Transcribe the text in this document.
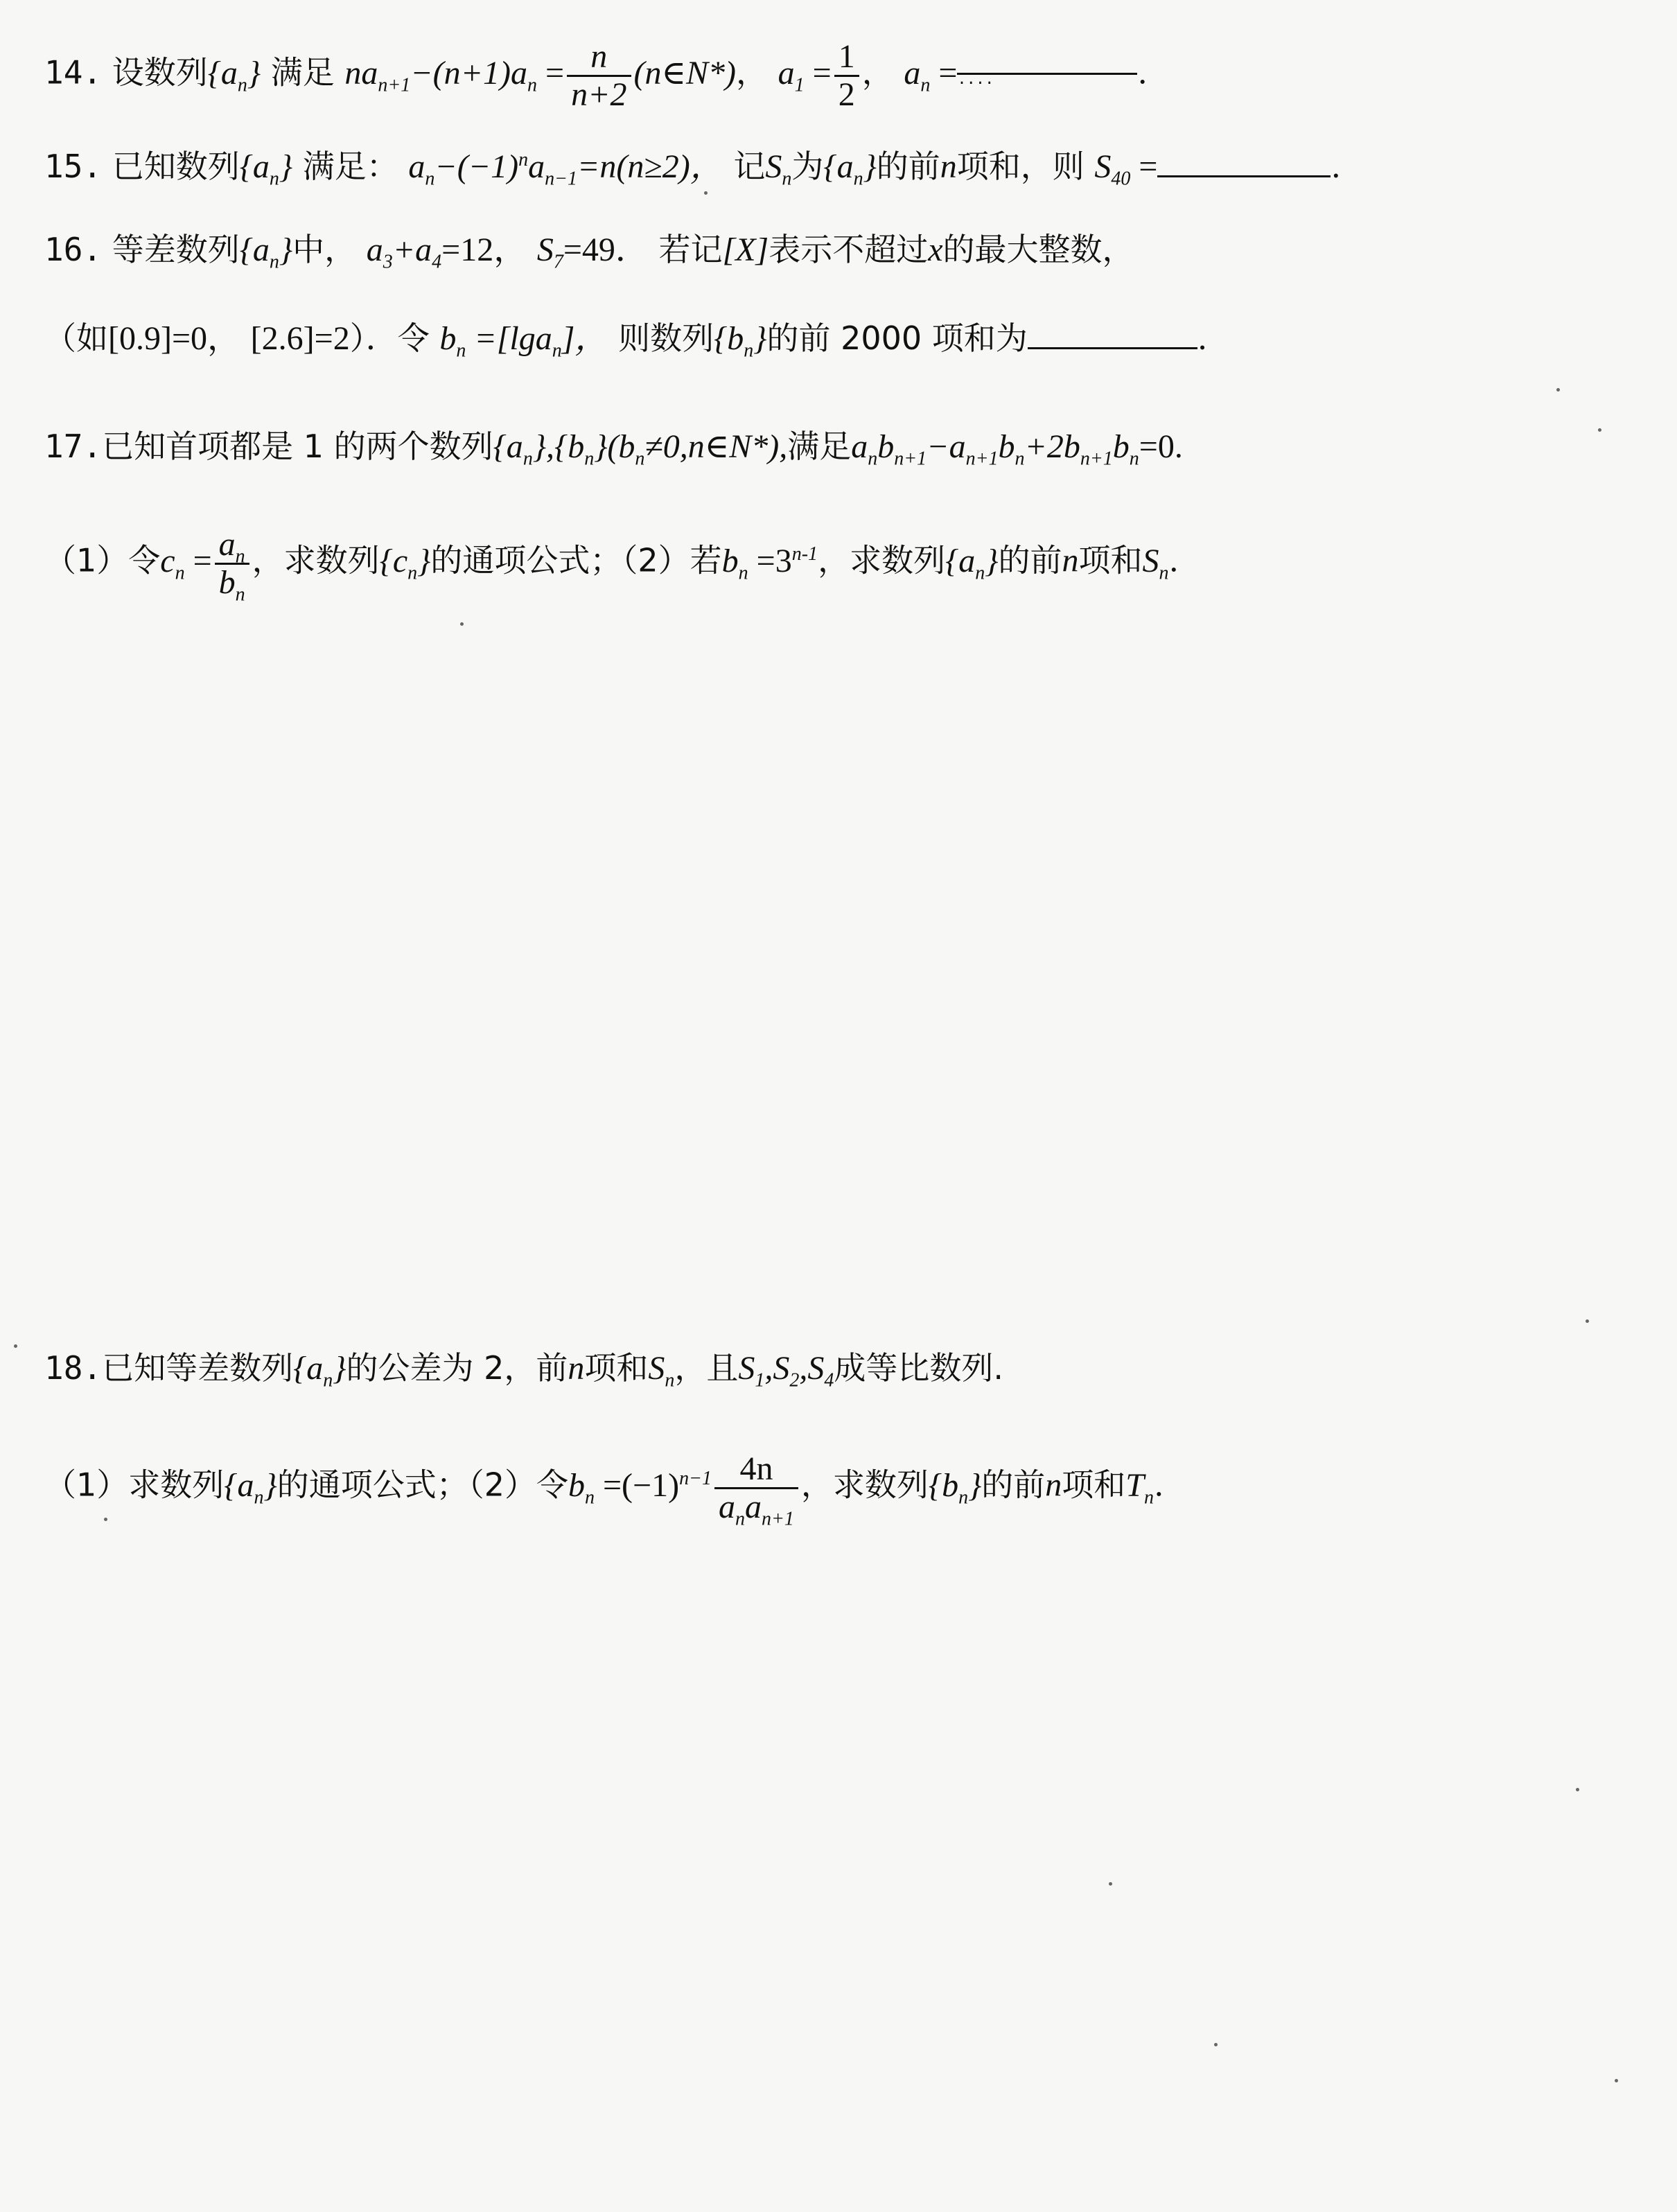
14. 设数列$\{a_n\}$ 满足 $na_{n+1}-(n+1)a_n = \frac{n}{n+2}$ (n∈N*)， $a_1 = \frac{1}{2}$ ， $a_n$ =....	.
15. 已知数列$\{a_n\}$ 满足： $a_n-(-1)^na_{n-1}=n(n\ge 2)$， 记$S_n$为$\{a_n\}$的前n项和，则 $S_{40}$ =	.
16. 等差数列$\{a_n\}$中， $a_3+a_4=12$， $S_7=49$． 若记[X]表示不超过x的最大整数，
（如[0.9]=0， [2.6]=2）．令 $b_n =[\lg a_n]$， 则数列$\{b_n\}$的前 2000 项和为	.
17.已知首项都是 1 的两个数列$\{a_n\},\{b_n\}(b_n\ne 0,n\in N*)$,满足$a_nb_{n+1}-a_{n+1}b_n+2b_{n+1}b_n=0$.
（1）令$c_n = \frac{a_n}{b_n}$ ，求数列$\{c_n\}$的通项公式；（2）若$b_n =3^{n-1}$，求数列$\{a_n\}$的前n项和$S_n$.
18.已知等差数列$\{a_n\}$的公差为 2，前n项和$S_n$，且$S_1,S_2,S_4$成等比数列.
（1）求数列$\{a_n\}$的通项公式；（2）令$b_n =(-1)^{n-1} \frac{4n}{a_na_{n+1}}$ ，求数列$\{b_n\}$的前n项和$T_n$.
